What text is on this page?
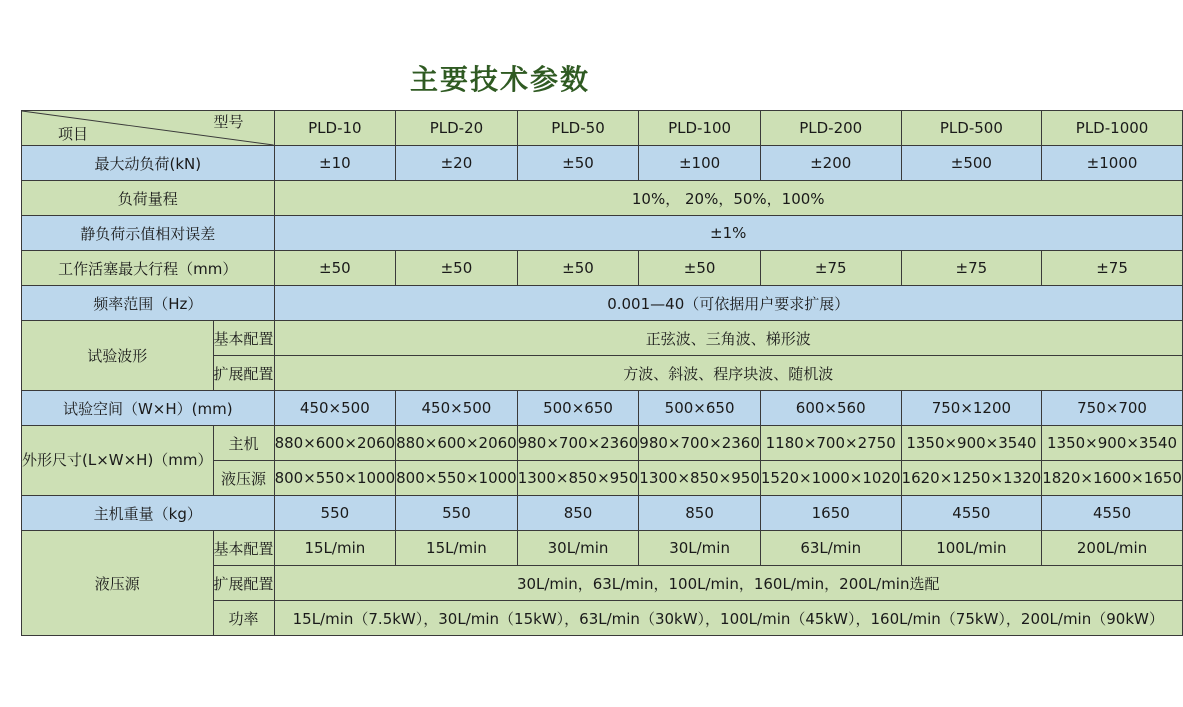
主要技术参数
型号
项目		PLD-10	PLD-20	PLD-50	PLD-100	PLD-200	PLD-500	PLD-1000
最大动负荷(kN)		±10	±20	±50	±100	±200	±500	±1000
负荷量程		10%， 20%，50%，100%						
静负荷示值相对误差		±1%						
工作活塞最大行程（mm）		±50	±50	±50	±50	±75	±75	±75
频率范围（Hz）		0.001—40（可依据用户要求扩展）						
试验波形	基本配置	正弦波、三角波、梯形波						
	扩展配置	方波、斜波、程序块波、随机波						
试验空间（W×H）(mm)		450×500	450×500	500×650	500×650	600×560	750×1200	750×700
外形尺寸(L×W×H)（mm）	主机	880×600×2060	880×600×2060	980×700×2360	980×700×2360	1180×700×2750	1350×900×3540	1350×900×3540
	液压源	800×550×1000	800×550×1000	1300×850×950	1300×850×950	1520×1000×1020	1620×1250×1320	1820×1600×1650
主机重量（kg）		550	550	850	850	1650	4550	4550
液压源	基本配置	15L/min	15L/min	30L/min	30L/min	63L/min	100L/min	200L/min
	扩展配置	30L/min，63L/min，100L/min，160L/min，200L/min选配						
	功率	15L/min（7.5kW），30L/min（15kW），63L/min（30kW），100L/min（45kW），160L/min（75kW），200L/min（90kW）						
